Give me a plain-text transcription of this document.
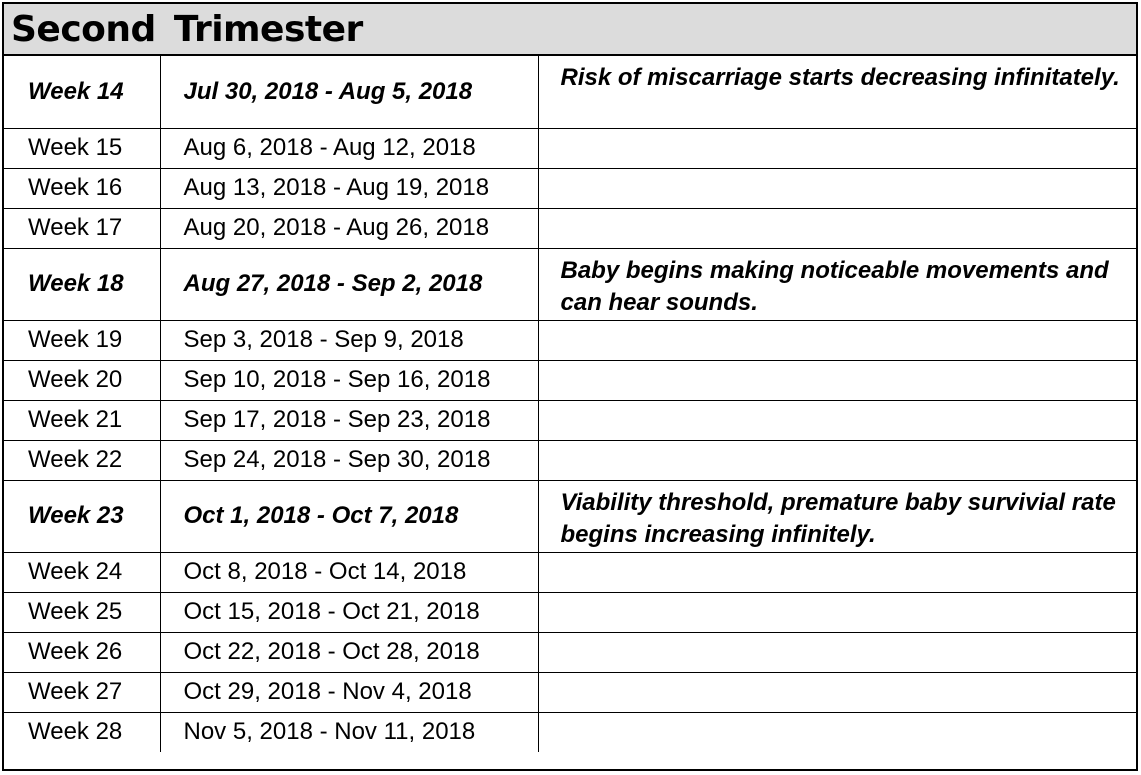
Second Trimester
Week 14	Jul 30, 2018 - Aug 5, 2018	Risk of miscarriage starts decreasing infinitately.
Week 15	Aug 6, 2018 - Aug 12, 2018	
Week 16	Aug 13, 2018 - Aug 19, 2018	
Week 17	Aug 20, 2018 - Aug 26, 2018	
Week 18	Aug 27, 2018 - Sep 2, 2018	Baby begins making noticeable movements and can hear sounds.
Week 19	Sep 3, 2018 - Sep 9, 2018	
Week 20	Sep 10, 2018 - Sep 16, 2018	
Week 21	Sep 17, 2018 - Sep 23, 2018	
Week 22	Sep 24, 2018 - Sep 30, 2018	
Week 23	Oct 1, 2018 - Oct 7, 2018	Viability threshold, premature baby survivial rate begins increasing infinitely.
Week 24	Oct 8, 2018 - Oct 14, 2018	
Week 25	Oct 15, 2018 - Oct 21, 2018	
Week 26	Oct 22, 2018 - Oct 28, 2018	
Week 27	Oct 29, 2018 - Nov 4, 2018	
Week 28	Nov 5, 2018 - Nov 11, 2018	
